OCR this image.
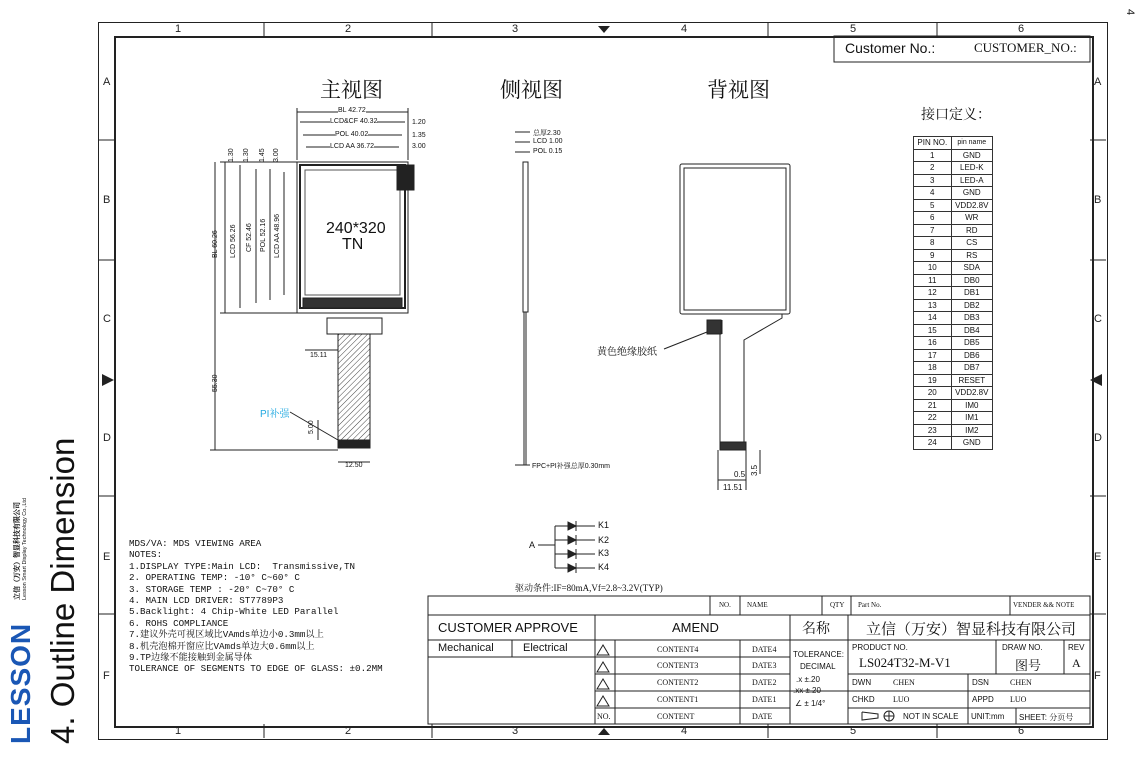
4
4. Outline Dimension
LESSON
立信（万安）智显科技有限公司 Lesson Smart Display Technology Co.,Ltd
1	2	3	4	5	6
1	2	3	4	5	6
A
B
C
D
E
F
A
B
C
D
E
F
Customer No.:	CUSTOMER_NO.:
主视图	侧视图	背视图
240*320
TN
BL 42.72
LCD&CF 40.32
POL 40.02
LCD AA 36.72
1.20
1.35
3.00
1.30 1.30 1.45 3.00
BL 60.26 LCD 56.26 CF 52.46 POL 52.16 LCD AA 48.96
15.11
55.30
PI补强
5.00
12.50
总厚2.30
LCD 1.00
POL 0.15
FPC+PI补强总厚0.30mm
黄色绝缘胶纸
0.5 3.5
11.51
接口定义：
PIN NO.	pin name
1	GND
2	LED-K
3	LED-A
4	GND
5	VDD2.8V
6	WR
7	RD
8	CS
9	RS
10	SDA
11	DB0
12	DB1
13	DB2
14	DB3
15	DB4
16	DB5
17	DB6
18	DB7
19	RESET
20	VDD2.8V
21	IM0
22	IM1
23	IM2
24	GND
A
K1
K2
K3
K4
驱动条件:IF=80mA,Vf=2.8~3.2V(TYP)
MDS/VA: MDS VIEWING AREA
NOTES:
1.DISPLAY TYPE:Main LCD:  Transmissive,TN
2. OPERATING TEMP: -10° C~60° C
3. STORAGE TEMP : -20° C~70° C
4. MAIN LCD DRIVER: ST7789P3
5.Backlight: 4 Chip-White LED Parallel
6. ROHS COMPLIANCE
7.建议外壳可视区域比VAmds单边小0.3mm以上
8.机壳泡棉开窗应比VAmds单边大0.6mm以上
9.TP边缘不能接触到金属导体
TOLERANCE OF SEGMENTS TO EDGE OF GLASS: ±0.2MM
NO. NAME	QTY Part No.	VENDER && NOTE
CUSTOMER APPROVE
Mechanical	Electrical
AMEND	名称 立信（万安）智显科技有限公司
CONTENT4	DATE4
CONTENT3	DATE3
CONTENT2	DATE2
CONTENT1	DATE1
NO.	CONTENT	DATE
TOLERANCE:
DECIMAL
.x ±.20
.xx ±.20
∠ ± 1/4°
PRODUCT NO.
LS024T32-M-V1
DRAW NO.
图号
REV
A
DWN	CHEN	DSN	CHEN
CHKD LUO	APPD LUO
NOT IN SCALE UNIT:mm SHEET: 分页号
